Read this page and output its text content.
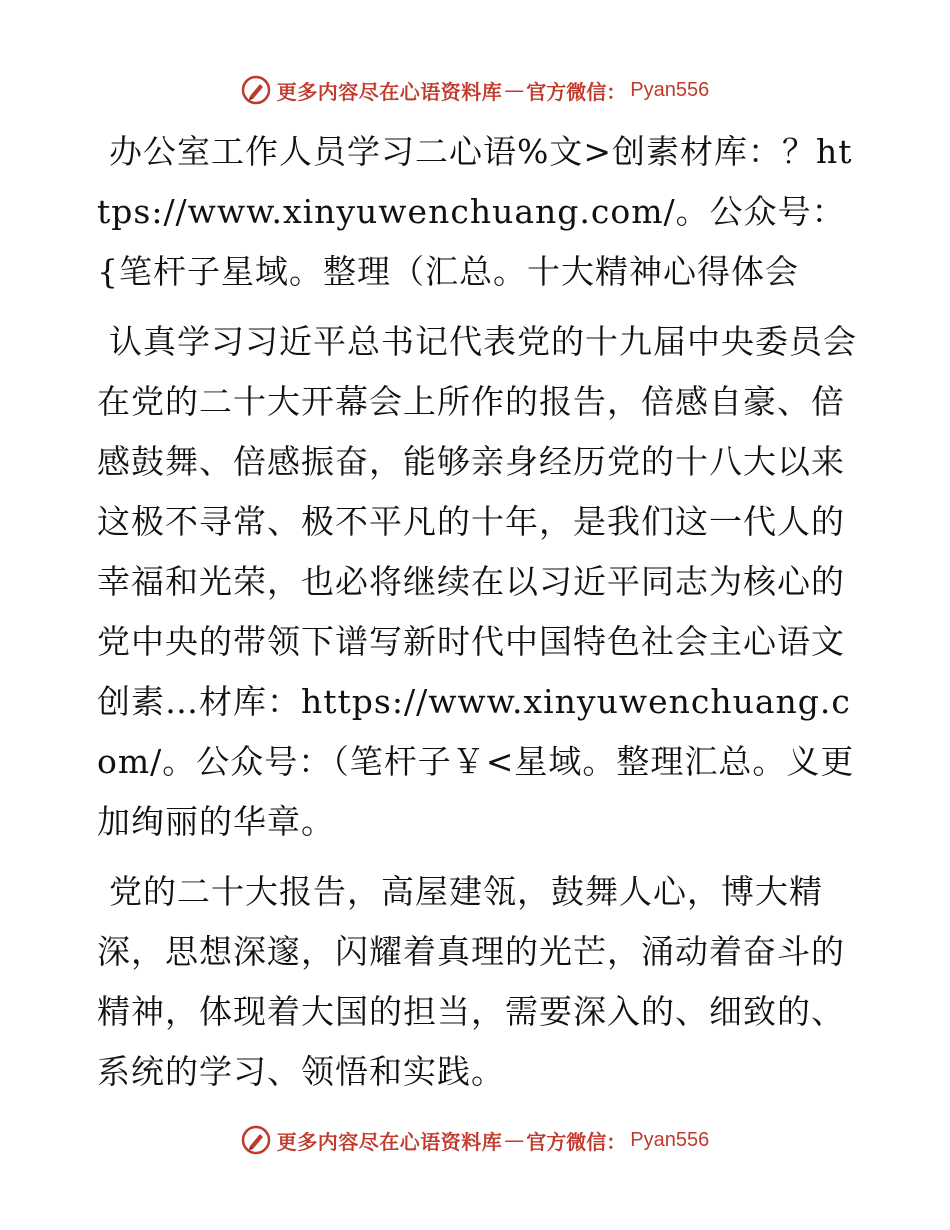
更多内容尽在心语资料库 — 官方微信： Pyan556

办公室工作人员学习二心语%文>创素材库：？https://www.xinyuwenchuang.com/。公众号：{笔杆子星域。整理（汇总。十大精神心得体会

认真学习习近平总书记代表党的十九届中央委员会在党的二十大开幕会上所作的报告，倍感自豪、倍感鼓舞、倍感振奋，能够亲身经历党的十八大以来这极不寻常、极不平凡的十年，是我们这一代人的幸福和光荣，也必将继续在以习近平同志为核心的党中央的带领下谱写新时代中国特色社会主心语文创素…材库：https://www.xinyuwenchuang.com/。公众号：（笔杆子￥<星域。整理汇总。义更加绚丽的华章。

党的二十大报告，高屋建瓴，鼓舞人心，博大精深，思想深邃，闪耀着真理的光芒，涌动着奋斗的精神，体现着大国的担当，需要深入的、细致的、系统的学习、领悟和实践。

更多内容尽在心语资料库 — 官方微信： Pyan556
